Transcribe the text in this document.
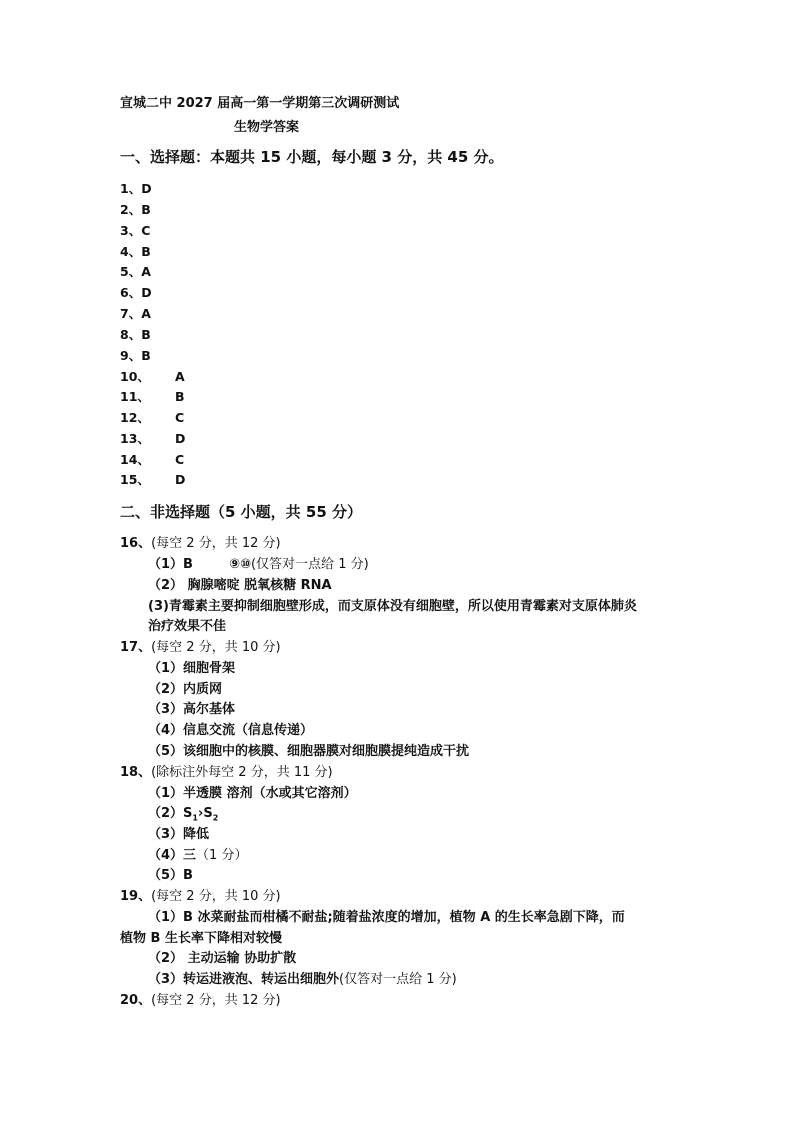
宣城二中 2027 届高一第一学期第三次调研测试
生物学答案
一、选择题：本题共 15 小题，每小题 3 分，共 45 分。
1、D
2、B
3、C
4、B
5、A
6、D
7、A
8、B
9、B
10、 A
11、 B
12、 C
13、 D
14、 C
15、 D
二、非选择题（5 小题，共 55 分）
16、(每空 2 分，共 12 分)
（1）B	⑨⑩(仅答对一点给 1 分)
（2） 胸腺嘧啶 脱氧核糖 RNA
(3)青霉素主要抑制细胞壁形成，而支原体没有细胞壁，所以使用青霉素对支原体肺炎
治疗效果不佳
17、(每空 2 分，共 10 分)
（1）细胞骨架
（2）内质网
（3）高尔基体
（4）信息交流（信息传递）
（5）该细胞中的核膜、细胞器膜对细胞膜提纯造成干扰
18、(除标注外每空 2 分，共 11 分)
（1）半透膜 溶剂（水或其它溶剂）
$(2)S_1›S_2$
（3）降低
（4）三（1 分）
（5）B
19、(每空 2 分，共 10 分)
（1）B 冰菜耐盐而柑橘不耐盐;随着盐浓度的增加，植物 A 的生长率急剧下降，而
植物 B 生长率下降相对较慢
（2） 主动运输 协助扩散
（3）转运进液泡、转运出细胞外(仅答对一点给 1 分)
20、(每空 2 分，共 12 分)
